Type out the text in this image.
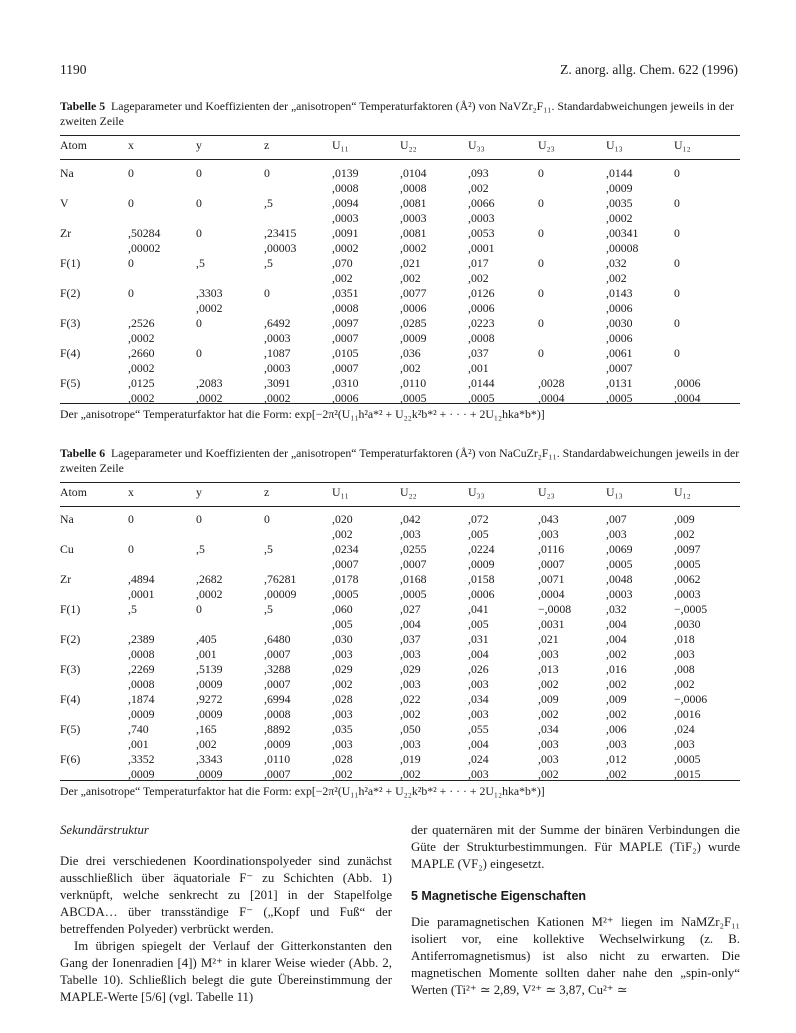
1190	Z. anorg. allg. Chem. 622 (1996)
Tabelle 5 Lageparameter und Koeffizienten der „anisotropen“ Temperaturfaktoren (Å²) von NaVZr₂F₁₁. Standardabweichungen jeweils in der zweiten Zeile
Atom	x	y	z	U₁₁	U₂₂	U₃₃	U₂₃	U₁₃	U₁₂
Na	0	0	0	,0139	,0104	,093	0	,0144	0
				,0008	,0008	,002		,0009	
V	0	0	,5	,0094	,0081	,0066	0	,0035	0
				,0003	,0003	,0003		,0002	
Zr	,50284	0	,23415	,0091	,0081	,0053	0	,00341	0
	,00002		,00003	,0002	,0002	,0001		,00008	
F(1)	0	,5	,5	,070	,021	,017	0	,032	0
				,002	,002	,002		,002	
F(2)	0	,3303	0	,0351	,0077	,0126	0	,0143	0
		,0002		,0008	,0006	,0006		,0006	
F(3)	,2526	0	,6492	,0097	,0285	,0223	0	,0030	0
	,0002		,0003	,0007	,0009	,0008		,0006	
F(4)	,2660	0	,1087	,0105	,036	,037	0	,0061	0
	,0002		,0003	,0007	,002	,001		,0007	
F(5)	,0125	,2083	,3091	,0310	,0110	,0144	,0028	,0131	,0006
	,0002	,0002	,0002	,0006	,0005	,0005	,0004	,0005	,0004
Der „anisotrope“ Temperaturfaktor hat die Form: exp[−2π²(U₁₁h²a*² + U₂₂k²b*² + · · · + 2U₁₂hka*b*)]
Tabelle 6 Lageparameter und Koeffizienten der „anisotropen“ Temperaturfaktoren (Å²) von NaCuZr₂F₁₁. Standardabweichungen jeweils in der zweiten Zeile
Atom	x	y	z	U₁₁	U₂₂	U₃₃	U₂₃	U₁₃	U₁₂
Na	0	0	0	,020	,042	,072	,043	,007	,009
				,002	,003	,005	,003	,003	,002
Cu	0	,5	,5	,0234	,0255	,0224	,0116	,0069	,0097
				,0007	,0007	,0009	,0007	,0005	,0005
Zr	,4894	,2682	,76281	,0178	,0168	,0158	,0071	,0048	,0062
	,0001	,0002	,00009	,0005	,0005	,0006	,0004	,0003	,0003
F(1)	,5	0	,5	,060	,027	,041	−,0008	,032	−,0005
				,005	,004	,005	,0031	,004	,0030
F(2)	,2389	,405	,6480	,030	,037	,031	,021	,004	,018
	,0008	,001	,0007	,003	,003	,004	,003	,002	,003
F(3)	,2269	,5139	,3288	,029	,029	,026	,013	,016	,008
	,0008	,0009	,0007	,002	,003	,003	,002	,002	,002
F(4)	,1874	,9272	,6994	,028	,022	,034	,009	,009	−,0006
	,0009	,0009	,0008	,003	,002	,003	,002	,002	,0016
F(5)	,740	,165	,8892	,035	,050	,055	,034	,006	,024
	,001	,002	,0009	,003	,003	,004	,003	,003	,003
F(6)	,3352	,3343	,0110	,028	,019	,024	,003	,012	,0005
	,0009	,0009	,0007	,002	,002	,003	,002	,002	,0015
Der „anisotrope“ Temperaturfaktor hat die Form: exp[−2π²(U₁₁h²a*² + U₂₂k²b*² + · · · + 2U₁₂hka*b*)]

Sekundärstruktur

Die drei verschiedenen Koordinationspolyeder sind zunächst ausschließlich über äquatoriale F⁻ zu Schichten (Abb. 1) verknüpft, welche senkrecht zu [201] in der Stapelfolge ABCDA… über transständige F⁻ („Kopf und Fuß“ der betreffenden Polyeder) verbrückt werden.

Im übrigen spiegelt der Verlauf der Gitterkonstanten den Gang der Ionenradien [4]) M²⁺ in klarer Weise wieder (Abb. 2, Tabelle 10). Schließlich belegt die gute Übereinstimmung der MAPLE-Werte [5/6] (vgl. Tabelle 11)

der quaternären mit der Summe der binären Verbindungen die Güte der Strukturbestimmungen. Für MAPLE (TiF₂) wurde MAPLE (VF₂) eingesetzt.

5 Magnetische Eigenschaften

Die paramagnetischen Kationen M²⁺ liegen im NaMZr₂F₁₁ isoliert vor, eine kollektive Wechselwirkung (z. B. Antiferromagnetismus) ist also nicht zu erwarten. Die magnetischen Momente sollten daher nahe den „spin-only“ Werten (Ti²⁺ ≃ 2,89, V²⁺ ≃ 3,87, Cu²⁺ ≃
